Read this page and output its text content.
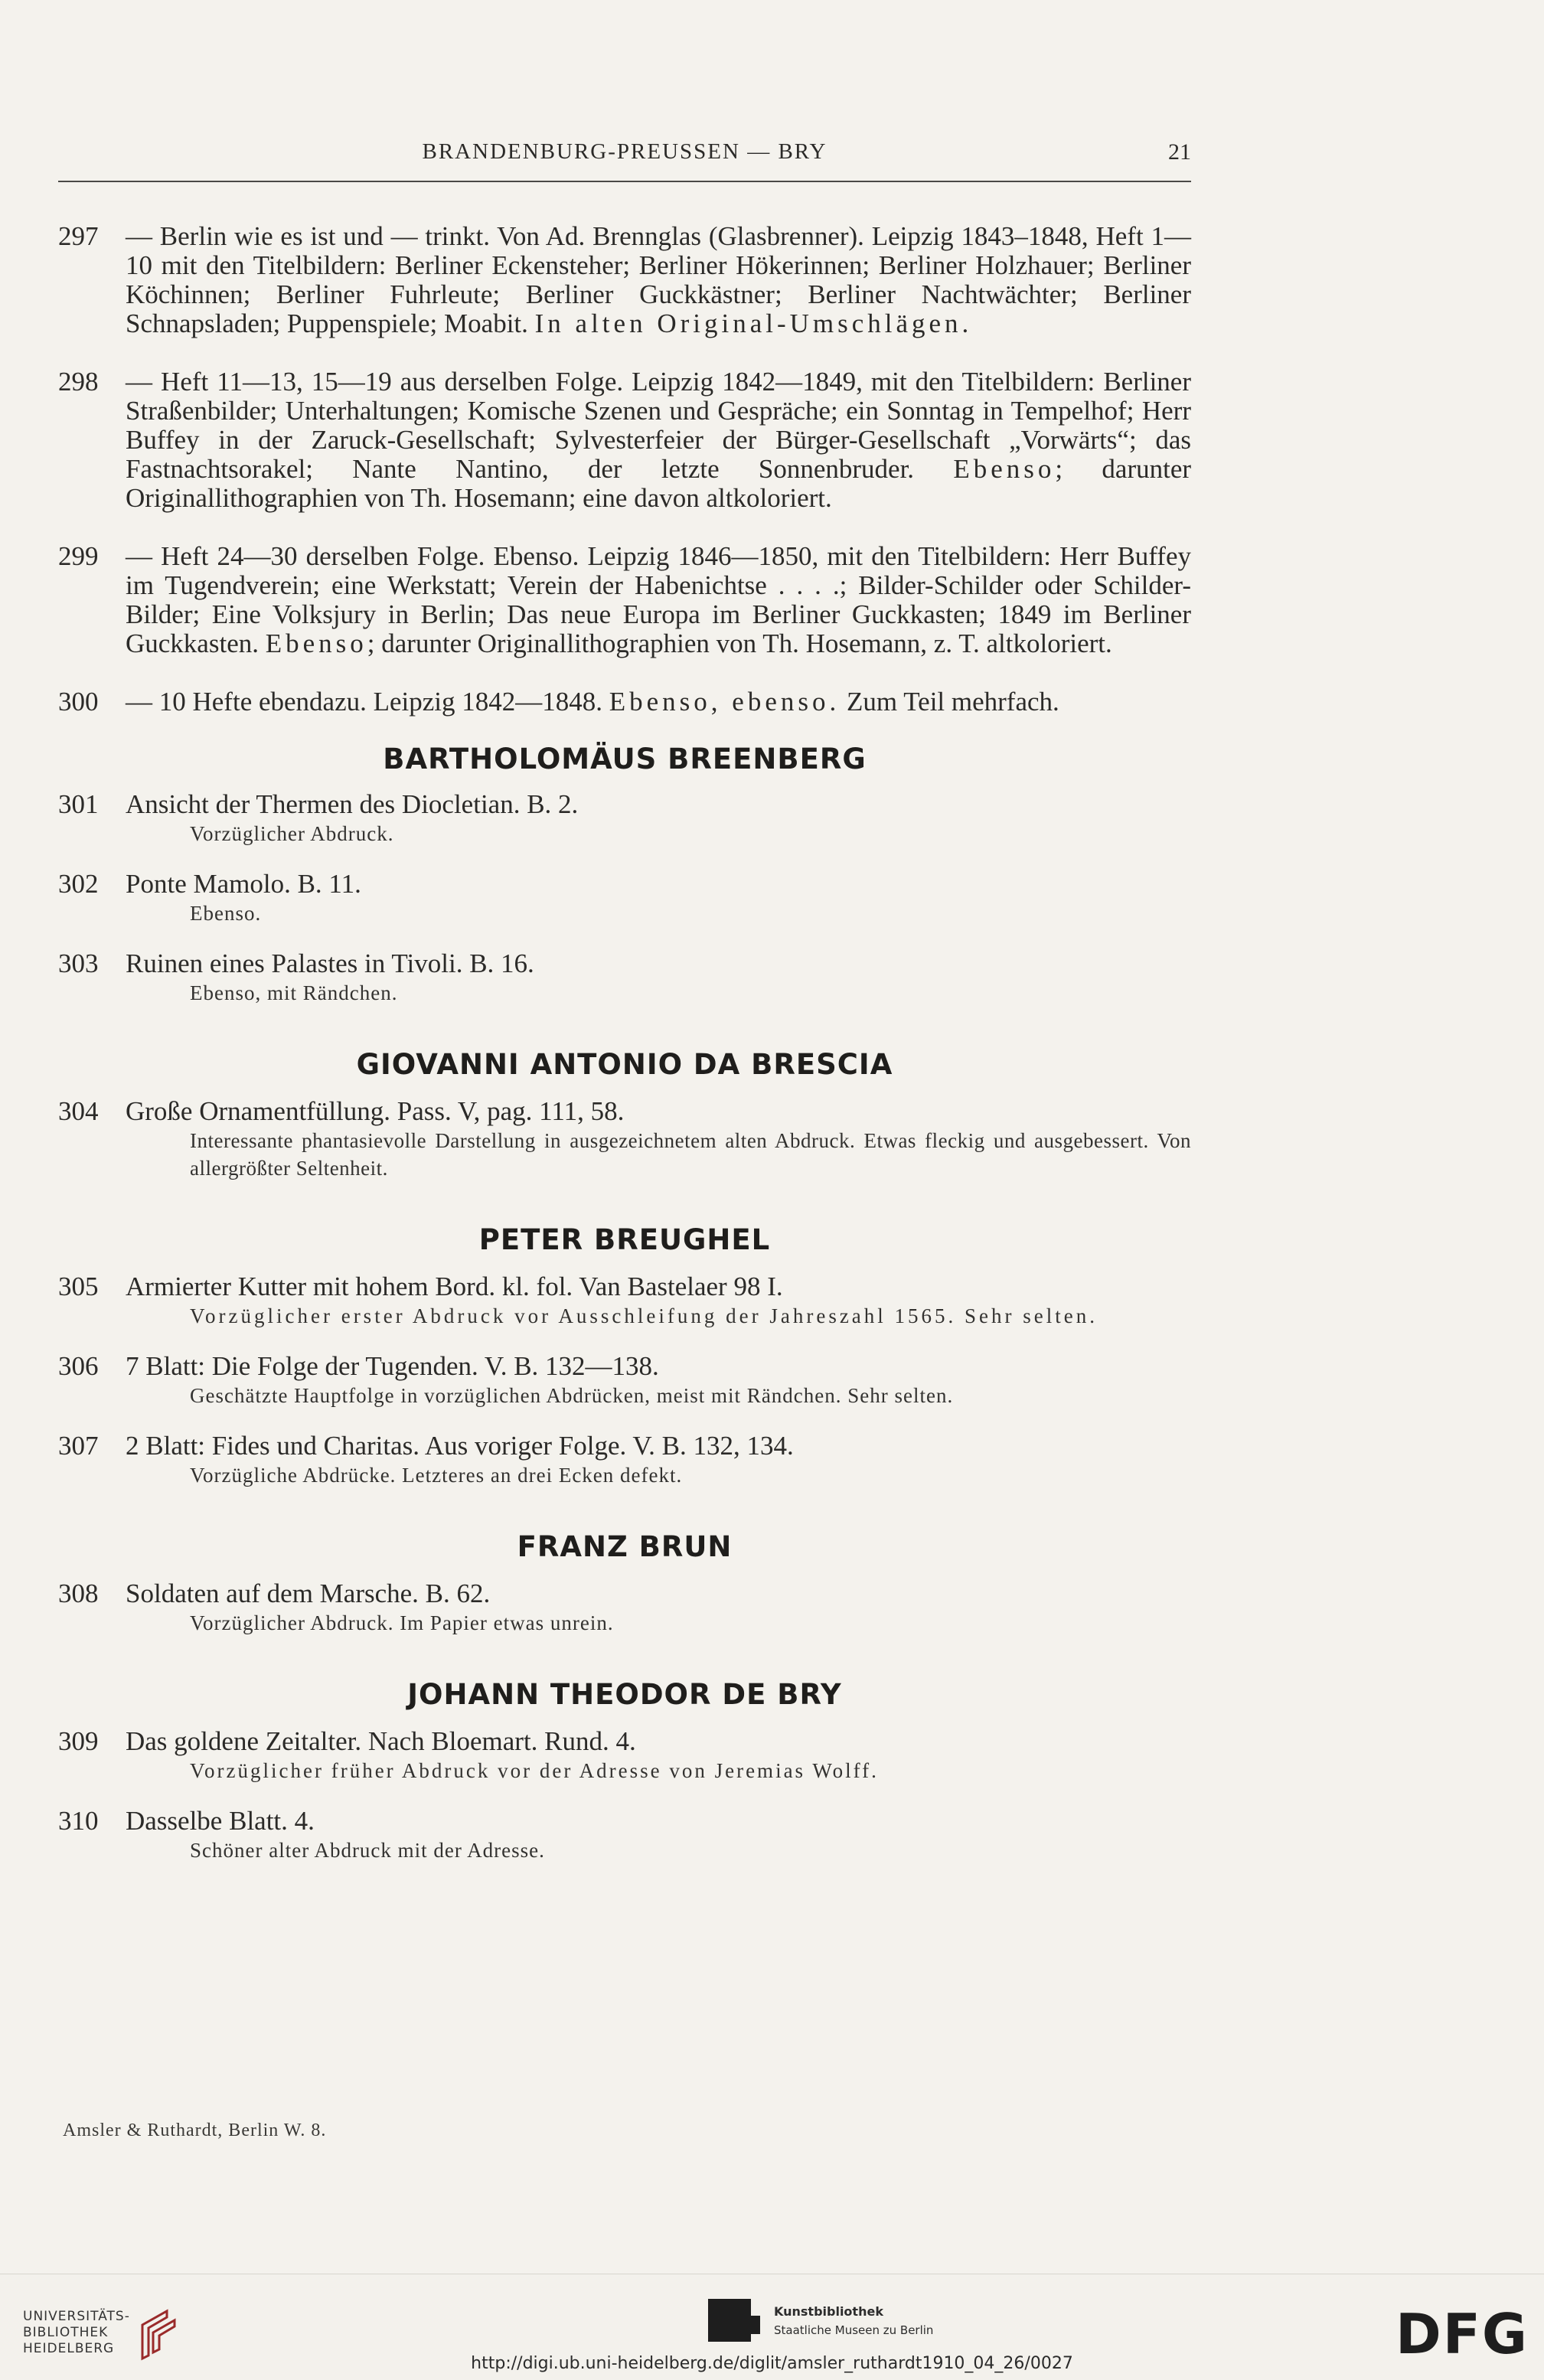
BRANDENBURG-PREUSSEN — BRY	21
297	— Berlin wie es ist und — trinkt. Von Ad. Brennglas (Glasbrenner). Leipzig 1843–1848, Heft 1—10 mit den Titelbildern: Berliner Eckensteher; Berliner Hökerinnen; Berliner Holzhauer; Berliner Köchinnen; Berliner Fuhrleute; Berliner Guckkästner; Berliner Nachtwächter; Berliner Schnapsladen; Puppenspiele; Moabit. In alten Original-Umschlägen.
298	— Heft 11—13, 15—19 aus derselben Folge. Leipzig 1842—1849, mit den Titelbildern: Berliner Straßenbilder; Unterhaltungen; Komische Szenen und Gespräche; ein Sonntag in Tempelhof; Herr Buffey in der Zaruck-Gesellschaft; Sylvesterfeier der Bürger-Gesellschaft „Vorwärts“; das Fastnachtsorakel; Nante Nantino, der letzte Sonnenbruder. Ebenso; darunter Originallithographien von Th. Hosemann; eine davon altkoloriert.
299	— Heft 24—30 derselben Folge. Ebenso. Leipzig 1846—1850, mit den Titelbildern: Herr Buffey im Tugendverein; eine Werkstatt; Verein der Habenichtse . . . .; Bilder-Schilder oder Schilder-Bilder; Eine Volksjury in Berlin; Das neue Europa im Berliner Guckkasten; 1849 im Berliner Guckkasten. Ebenso; darunter Originallithographien von Th. Hosemann, z. T. altkoloriert.
300	— 10 Hefte ebendazu. Leipzig 1842—1848. Ebenso, ebenso. Zum Teil mehrfach.
BARTHOLOMÄUS BREENBERG
301	Ansicht der Thermen des Diocletian. B. 2.
Vorzüglicher Abdruck.
302	Ponte Mamolo. B. 11.
Ebenso.
303	Ruinen eines Palastes in Tivoli. B. 16.
Ebenso, mit Rändchen.
GIOVANNI ANTONIO DA BRESCIA
304	Große Ornamentfüllung. Pass. V, pag. 111, 58.
Interessante phantasievolle Darstellung in ausgezeichnetem alten Abdruck. Etwas fleckig und ausgebessert. Von allergrößter Seltenheit.
PETER BREUGHEL
305	Armierter Kutter mit hohem Bord. kl. fol. Van Bastelaer 98 I.
Vorzüglicher erster Abdruck vor Ausschleifung der Jahreszahl 1565. Sehr selten.
306	7 Blatt: Die Folge der Tugenden. V. B. 132—138.
Geschätzte Hauptfolge in vorzüglichen Abdrücken, meist mit Rändchen. Sehr selten.
307	2 Blatt: Fides und Charitas. Aus voriger Folge. V. B. 132, 134.
Vorzügliche Abdrücke. Letzteres an drei Ecken defekt.
FRANZ BRUN
308	Soldaten auf dem Marsche. B. 62.
Vorzüglicher Abdruck. Im Papier etwas unrein.
JOHANN THEODOR DE BRY
309	Das goldene Zeitalter. Nach Bloemart. Rund. 4.
Vorzüglicher früher Abdruck vor der Adresse von Jeremias Wolff.
310	Dasselbe Blatt. 4.
Schöner alter Abdruck mit der Adresse.
Amsler & Ruthardt, Berlin W. 8.
UNIVERSITÄTS-
BIBLIOTHEK
HEIDELBERG
Kunstbibliothek
Staatliche Museen zu Berlin	DFG
http://digi.ub.uni-heidelberg.de/diglit/amsler_ruthardt1910_04_26/0027
